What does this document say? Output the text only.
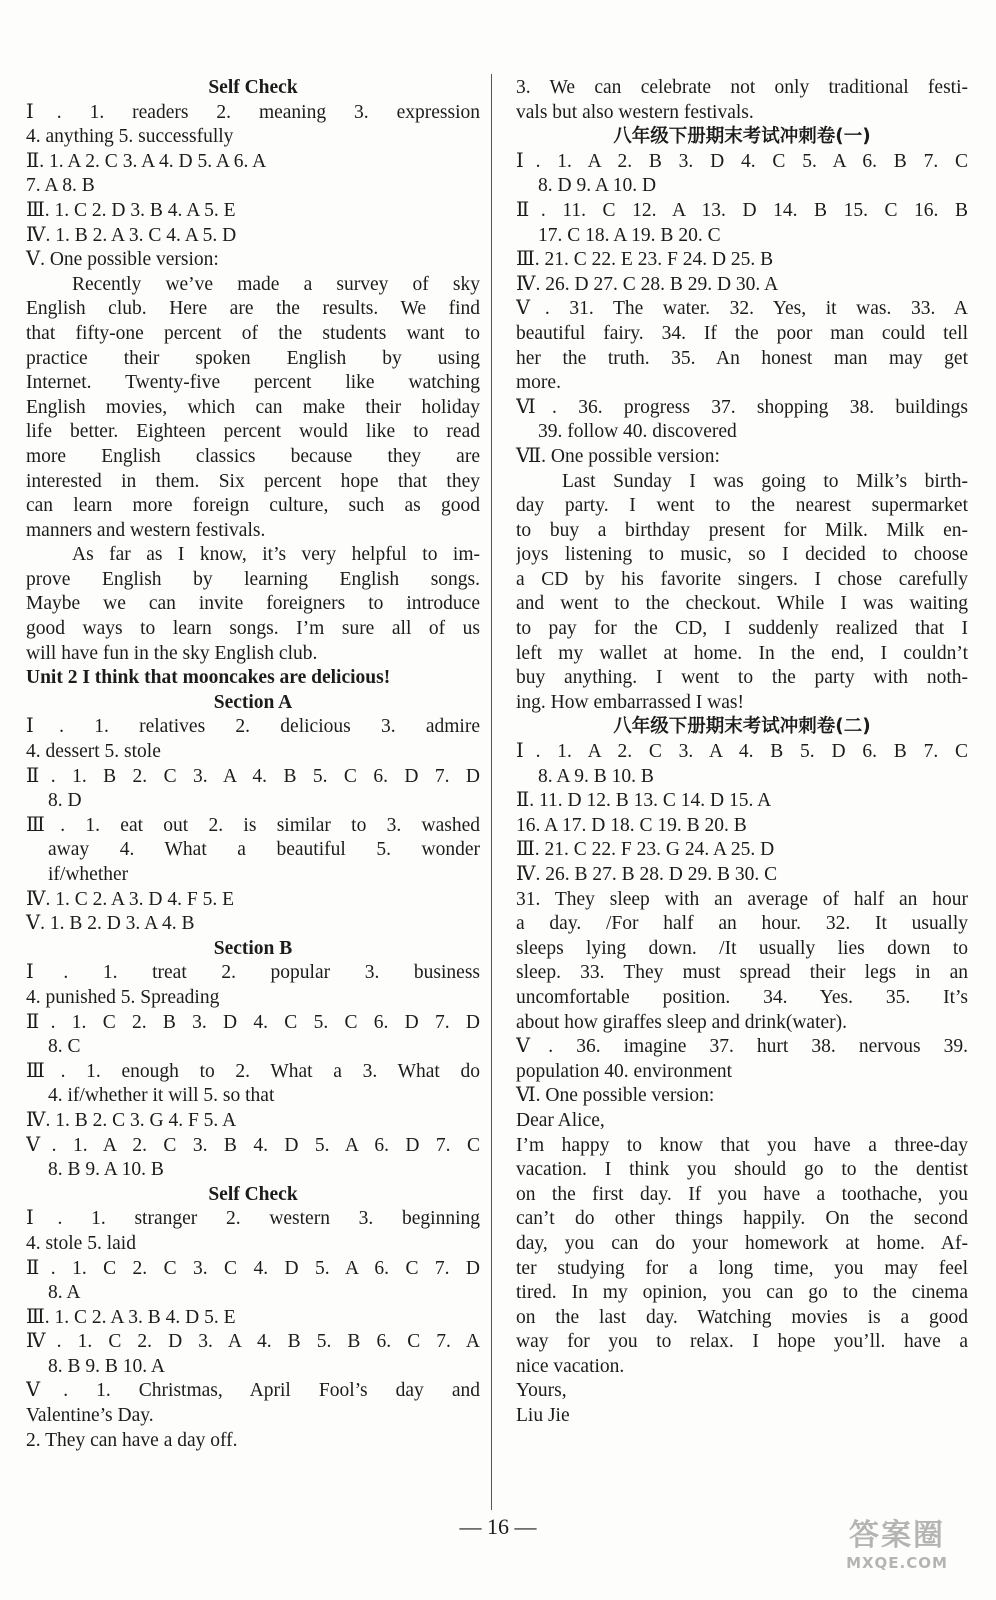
Self Check
Ⅰ. 1. readers 2. meaning 3. expression
4. anything 5. successfully
Ⅱ. 1. A 2. C 3. A 4. D 5. A 6. A
7. A 8. B
Ⅲ. 1. C 2. D 3. B 4. A 5. E
Ⅳ. 1. B 2. A 3. C 4. A 5. D
Ⅴ. One possible version:
Recently we’ve made a survey of sky
English club. Here are the results. We find
that fifty-one percent of the students want to
practice their spoken English by using
Internet. Twenty-five percent like watching
English movies, which can make their holiday
life better. Eighteen percent would like to read
more English classics because they are
interested in them. Six percent hope that they
can learn more foreign culture, such as good
manners and western festivals.
As far as I know, it’s very helpful to im-
prove English by learning English songs.
Maybe we can invite foreigners to introduce
good ways to learn songs. I’m sure all of us
will have fun in the sky English club.
Unit 2 I think that mooncakes are delicious!
Section A
Ⅰ. 1. relatives 2. delicious 3. admire
4. dessert 5. stole
Ⅱ. 1. B 2. C 3. A 4. B 5. C 6. D 7. D
8. D
Ⅲ. 1. eat out 2. is similar to 3. washed
away 4. What a beautiful 5. wonder
if/whether
Ⅳ. 1. C 2. A 3. D 4. F 5. E
Ⅴ. 1. B 2. D 3. A 4. B
Section B
Ⅰ. 1. treat 2. popular 3. business
4. punished 5. Spreading
Ⅱ. 1. C 2. B 3. D 4. C 5. C 6. D 7. D
8. C
Ⅲ. 1. enough to 2. What a 3. What do
4. if/whether it will 5. so that
Ⅳ. 1. B 2. C 3. G 4. F 5. A
Ⅴ. 1. A 2. C 3. B 4. D 5. A 6. D 7. C
8. B 9. A 10. B
Self Check
Ⅰ. 1. stranger 2. western 3. beginning
4. stole 5. laid
Ⅱ. 1. C 2. C 3. C 4. D 5. A 6. C 7. D
8. A
Ⅲ. 1. C 2. A 3. B 4. D 5. E
Ⅳ. 1. C 2. D 3. A 4. B 5. B 6. C 7. A
8. B 9. B 10. A
Ⅴ. 1. Christmas, April Fool’s day and
Valentine’s Day.
2. They can have a day off.
3. We can celebrate not only traditional festi-
vals but also western festivals.
八年级下册期末考试冲刺卷(一)
Ⅰ. 1. A 2. B 3. D 4. C 5. A 6. B 7. C
8. D 9. A 10. D
Ⅱ. 11. C 12. A 13. D 14. B 15. C 16. B
17. C 18. A 19. B 20. C
Ⅲ. 21. C 22. E 23. F 24. D 25. B
Ⅳ. 26. D 27. C 28. B 29. D 30. A
Ⅴ. 31. The water. 32. Yes, it was. 33. A
beautiful fairy. 34. If the poor man could tell
her the truth. 35. An honest man may get
more.
Ⅵ. 36. progress 37. shopping 38. buildings
39. follow 40. discovered
Ⅶ. One possible version:
Last Sunday I was going to Milk’s birth-
day party. I went to the nearest supermarket
to buy a birthday present for Milk. Milk en-
joys listening to music, so I decided to choose
a CD by his favorite singers. I chose carefully
and went to the checkout. While I was waiting
to pay for the CD, I suddenly realized that I
left my wallet at home. In the end, I couldn’t
buy anything. I went to the party with noth-
ing. How embarrassed I was!
八年级下册期末考试冲刺卷(二)
Ⅰ. 1. A 2. C 3. A 4. B 5. D 6. B 7. C
8. A 9. B 10. B
Ⅱ. 11. D 12. B 13. C 14. D 15. A
16. A 17. D 18. C 19. B 20. B
Ⅲ. 21. C 22. F 23. G 24. A 25. D
Ⅳ. 26. B 27. B 28. D 29. B 30. C
31. They sleep with an average of half an hour
a day. /For half an hour. 32. It usually
sleeps lying down. /It usually lies down to
sleep. 33. They must spread their legs in an
uncomfortable position. 34. Yes. 35. It’s
about how giraffes sleep and drink(water).
Ⅴ. 36. imagine 37. hurt 38. nervous 39.
population 40. environment
Ⅵ. One possible version:
Dear Alice,
I’m happy to know that you have a three-day
vacation. I think you should go to the dentist
on the first day. If you have a toothache, you
can’t do other things happily. On the second
day, you can do your homework at home. Af-
ter studying for a long time, you may feel
tired. In my opinion, you can go to the cinema
on the last day. Watching movies is a good
way for you to relax. I hope you’ll. have a
nice vacation.
Yours,
Liu Jie
— 16 —	答案圈
MXQE.COM
